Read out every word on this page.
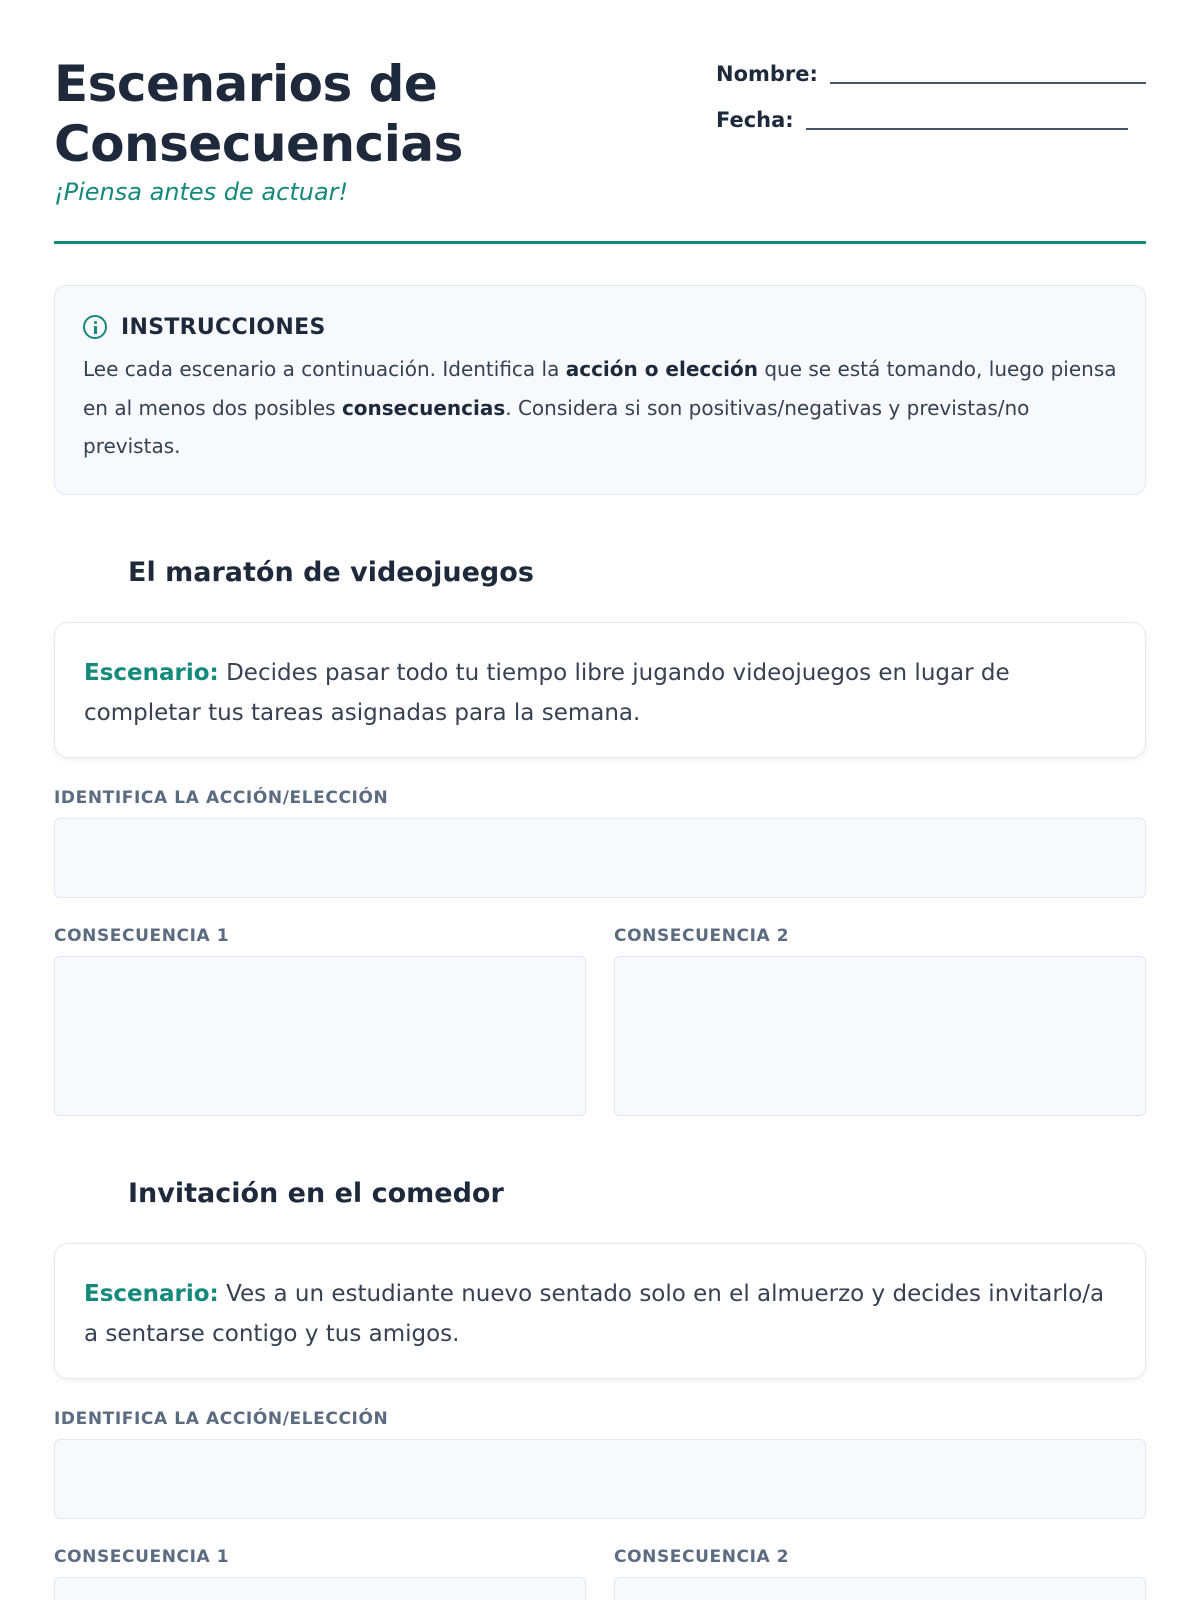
Escenarios de
Consecuencias
¡Piensa antes de actuar!
Nombre:
Fecha:
INSTRUCCIONES

Lee cada escenario a continuación. Identifica la acción o elección que se está tomando, luego piensa en al menos dos posibles consecuencias. Considera si son positivas/negativas y previstas/no previstas.

El maratón de videojuegos
Escenario: Decides pasar todo tu tiempo libre jugando videojuegos en lugar de completar tus tareas asignadas para la semana.
IDENTIFICA LA ACCIÓN/ELECCIÓN
CONSECUENCIA 1	CONSECUENCIA 2
Invitación en el comedor
Escenario: Ves a un estudiante nuevo sentado solo en el almuerzo y decides invitarlo/a a sentarse contigo y tus amigos.
IDENTIFICA LA ACCIÓN/ELECCIÓN
CONSECUENCIA 1	CONSECUENCIA 2
